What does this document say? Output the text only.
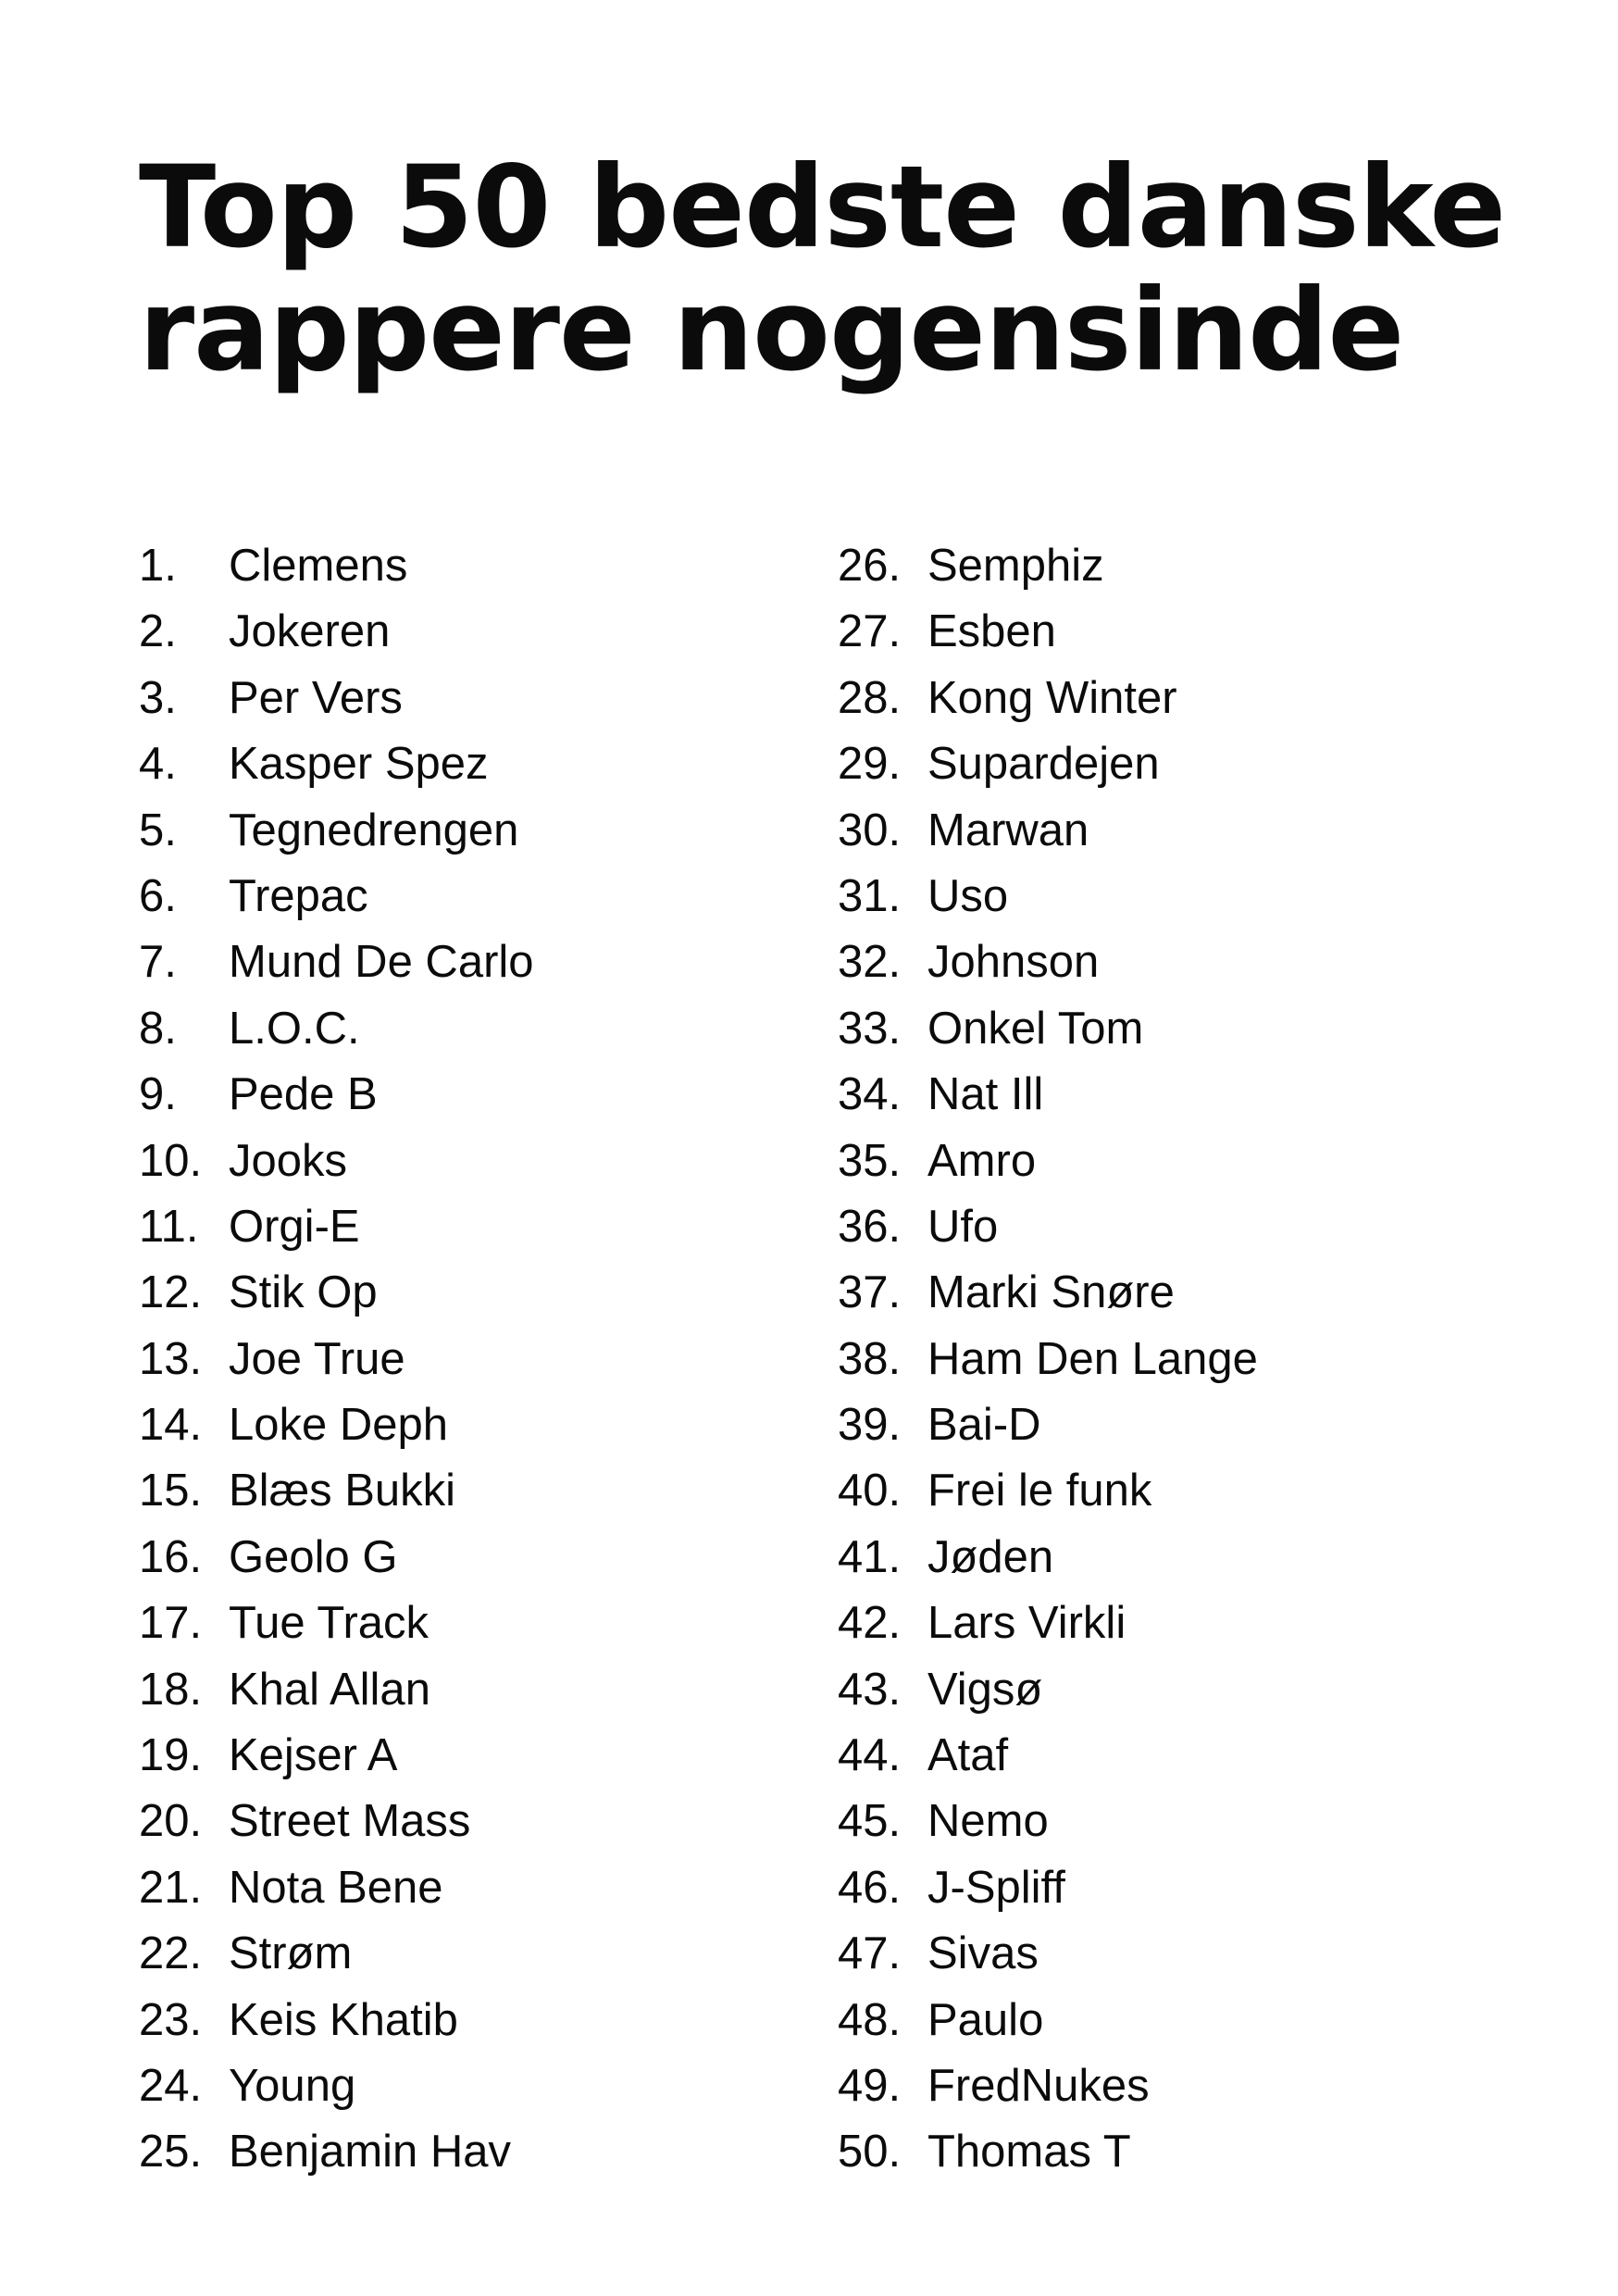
Top 50 bedste danske
rappere nogensinde
1. Clemens
2. Jokeren
3. Per Vers
4. Kasper Spez
5. Tegnedrengen
6. Trepac
7. Mund De Carlo
8. L.O.C.
9. Pede B
10. Jooks
11. Orgi-E
12. Stik Op
13. Joe True
14. Loke Deph
15. Blæs Bukki
16. Geolo G
17. Tue Track
18. Khal Allan
19. Kejser A
20. Street Mass
21. Nota Bene
22. Strøm
23. Keis Khatib
24. Young
25. Benjamin Hav
26. Semphiz
27. Esben
28. Kong Winter
29. Supardejen
30. Marwan
31. Uso
32. Johnson
33. Onkel Tom
34. Nat Ill
35. Amro
36. Ufo
37. Marki Snøre
38. Ham Den Lange
39. Bai-D
40. Frei le funk
41. Jøden
42. Lars Virkli
43. Vigsø
44. Ataf
45. Nemo
46. J-Spliff
47. Sivas
48. Paulo
49. FredNukes
50. Thomas T
